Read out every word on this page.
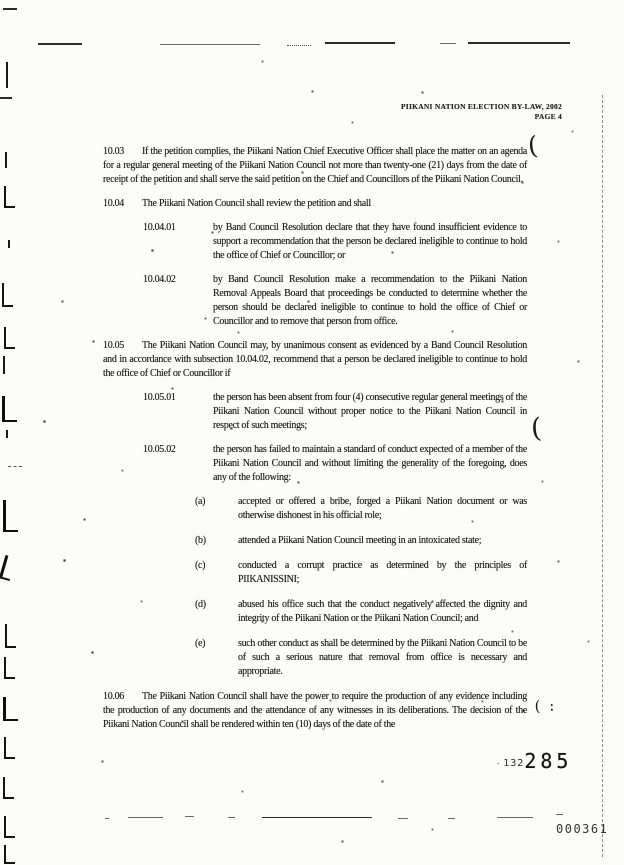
PIIKANI NATION ELECTION BY-LAW, 2002
PAGE 4
10.03 If the petition complies, the Piikani Nation Chief Executive Officer shall place the matter on an agenda for a regular general meeting of the Piikani Nation Council not more than twenty-one (21) days from the date of receipt of the petition and shall serve the said petition on the Chief and Councillors of the Piikani Nation Council.
10.04 The Piikani Nation Council shall review the petition and shall
10.04.01	by Band Council Resolution declare that they have found insufficient evidence to support a recommendation that the person be declared ineligible to continue to hold the office of Chief or Councillor; or
10.04.02	by Band Council Resolution make a recommendation to the Piikani Nation Removal Appeals Board that proceedings be conducted to determine whether the person should be declared ineligible to continue to hold the office of Chief or Councillor and to remove that person from office.
10.05 The Piikani Nation Council may, by unanimous consent as evidenced by a Band Council Resolution and in accordance with subsection 10.04.02, recommend that a person be declared ineligible to continue to hold the office of Chief or Councillor if
10.05.01	the person has been absent from four (4) consecutive regular general meetings of the Piikani Nation Council without proper notice to the Piikani Nation Council in respect of such meetings;
10.05.02	the person has failed to maintain a standard of conduct expected of a member of the Piikani Nation Council and without limiting the generality of the foregoing, does any of the following:
(a)	accepted or offered a bribe, forged a Piikani Nation document or was otherwise dishonest in his official role;
(b)	attended a Piikani Nation Council meeting in an intoxicated state;
(c)	conducted a corrupt practice as determined by the principles of PIIKANISSINI;
(d)	abused his office such that the conduct negatively affected the dignity and integrity of the Piikani Nation or the Piikani Nation Council; and
(e)	such other conduct as shall be determined by the Piikani Nation Council to be of such a serious nature that removal from office is necessary and appropriate.
10.06 The Piikani Nation Council shall have the power to require the production of any evidence including the production of any documents and the attendance of any witnesses in its deliberations. The decision of the Piikani Nation Council shall be rendered within ten (10) days of the date of the
(
(
. ( :
. 132285
000361
